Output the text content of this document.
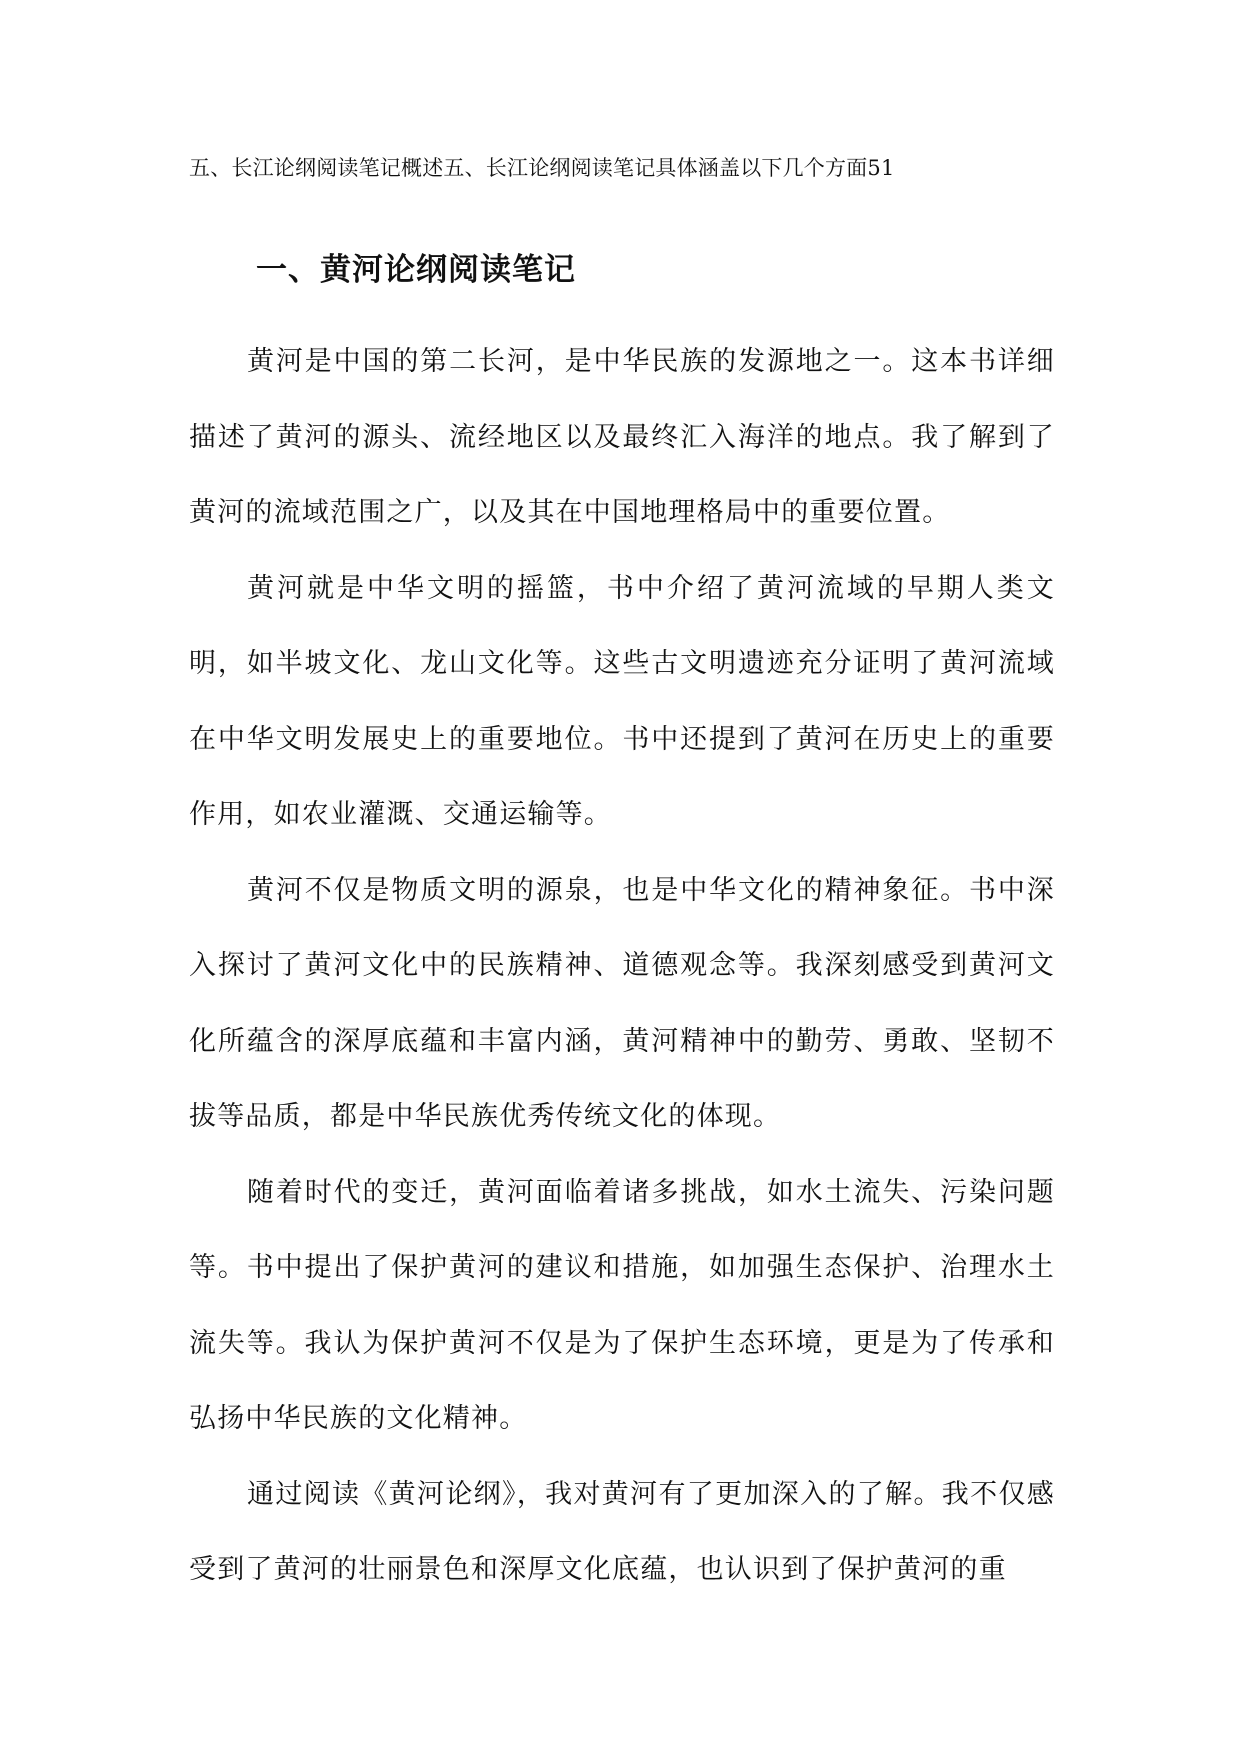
五、长江论纲阅读笔记概述五、长江论纲阅读笔记具体涵盖以下几个方面51
一、黄河论纲阅读笔记

黄河是中国的第二长河，是中华民族的发源地之一。这本书详细描述了黄河的源头、流经地区以及最终汇入海洋的地点。我了解到了黄河的流域范围之广，以及其在中国地理格局中的重要位置。

黄河就是中华文明的摇篮，书中介绍了黄河流域的早期人类文明，如半坡文化、龙山文化等。这些古文明遗迹充分证明了黄河流域在中华文明发展史上的重要地位。书中还提到了黄河在历史上的重要作用，如农业灌溉、交通运输等。

黄河不仅是物质文明的源泉，也是中华文化的精神象征。书中深入探讨了黄河文化中的民族精神、道德观念等。我深刻感受到黄河文化所蕴含的深厚底蕴和丰富内涵，黄河精神中的勤劳、勇敢、坚韧不拔等品质，都是中华民族优秀传统文化的体现。

随着时代的变迁，黄河面临着诸多挑战，如水土流失、污染问题等。书中提出了保护黄河的建议和措施，如加强生态保护、治理水土流失等。我认为保护黄河不仅是为了保护生态环境，更是为了传承和弘扬中华民族的文化精神。

通过阅读《黄河论纲》，我对黄河有了更加深入的了解。我不仅感受到了黄河的壮丽景色和深厚文化底蕴，也认识到了保护黄河的重
